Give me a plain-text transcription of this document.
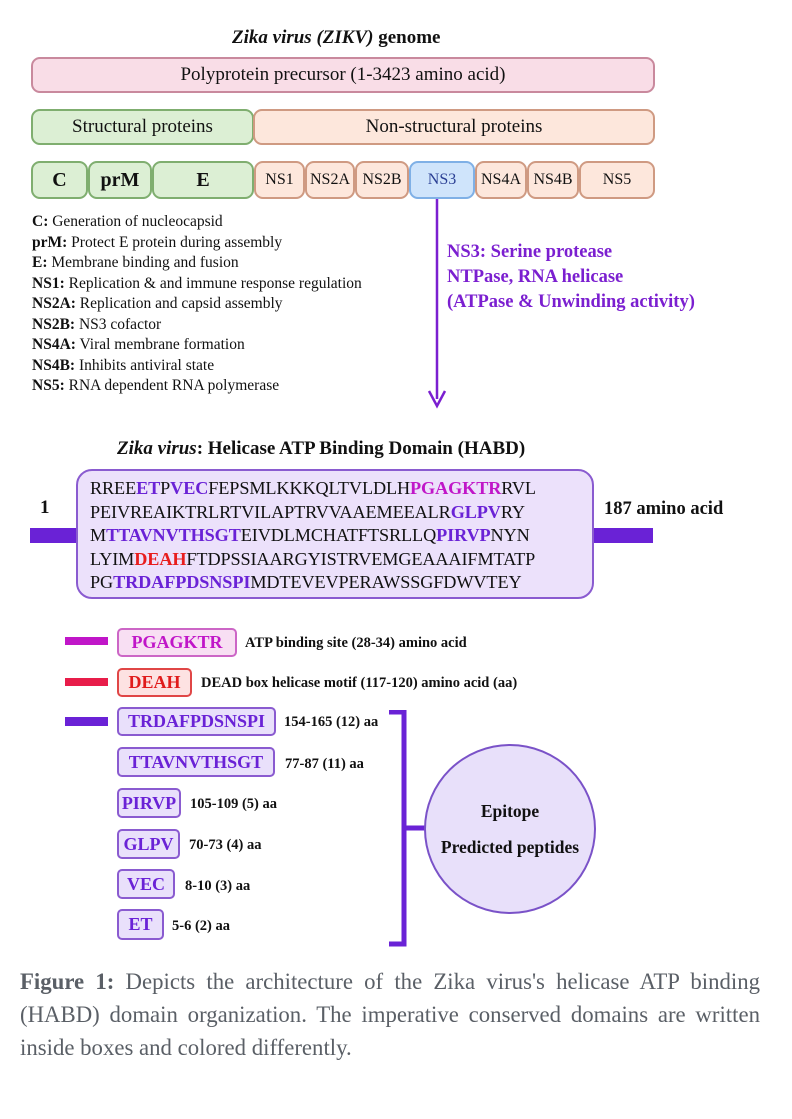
Zika virus (ZIKV) genome
Polyprotein precursor (1-3423 amino acid)
Structural proteins	Non-structural proteins
C prM	E	NS1 NS2A NS2B NS3 NS4A NS4B NS5
C: Generation of nucleocapsid
prM: Protect E protein during assembly
E: Membrane binding and fusion
NS1: Replication & and immune response regulation
NS2A: Replication and capsid assembly
NS2B: NS3 cofactor
NS4A: Viral membrane formation
NS4B: Inhibits antiviral state
NS5: RNA dependent RNA polymerase
NS3: Serine protease
NTPase, RNA helicase
(ATPase & Unwinding activity)
Zika virus: Helicase ATP Binding Domain (HABD)
1	187 amino acid
RREEETPVECFEPSMLKKKQLTVLDLHPGAGKTRRVL
PEIVREAIKTRLRTVILAPTRVVAAEMEEALRGLPVRY
MTTAVNVTHSGTEIVDLMCHATFTSRLLQPIRVPNYN
LYIMDEAHFTDPSSIAARGYISTRVEMGEAAAIFMTATP
PGTRDAFPDSNSPIMDTEVEVPERAWSSGFDWVTEY
PGAGKTR	ATP binding site (28-34) amino acid
DEAH	DEAD box helicase motif (117-120) amino acid (aa)
TRDAFPDSNSPI	154-165 (12) aa
TTAVNVTHSGT	77-87 (11) aa
PIRVP 105-109 (5) aa
GLPV	70-73 (4) aa
VEC	8-10 (3) aa
ET	5-6 (2) aa
Epitope
Predicted peptides
Figure 1: Depicts the architecture of the Zika virus's helicase ATP binding (HABD) domain organization. The imperative conserved domains are written inside boxes and colored differently.
